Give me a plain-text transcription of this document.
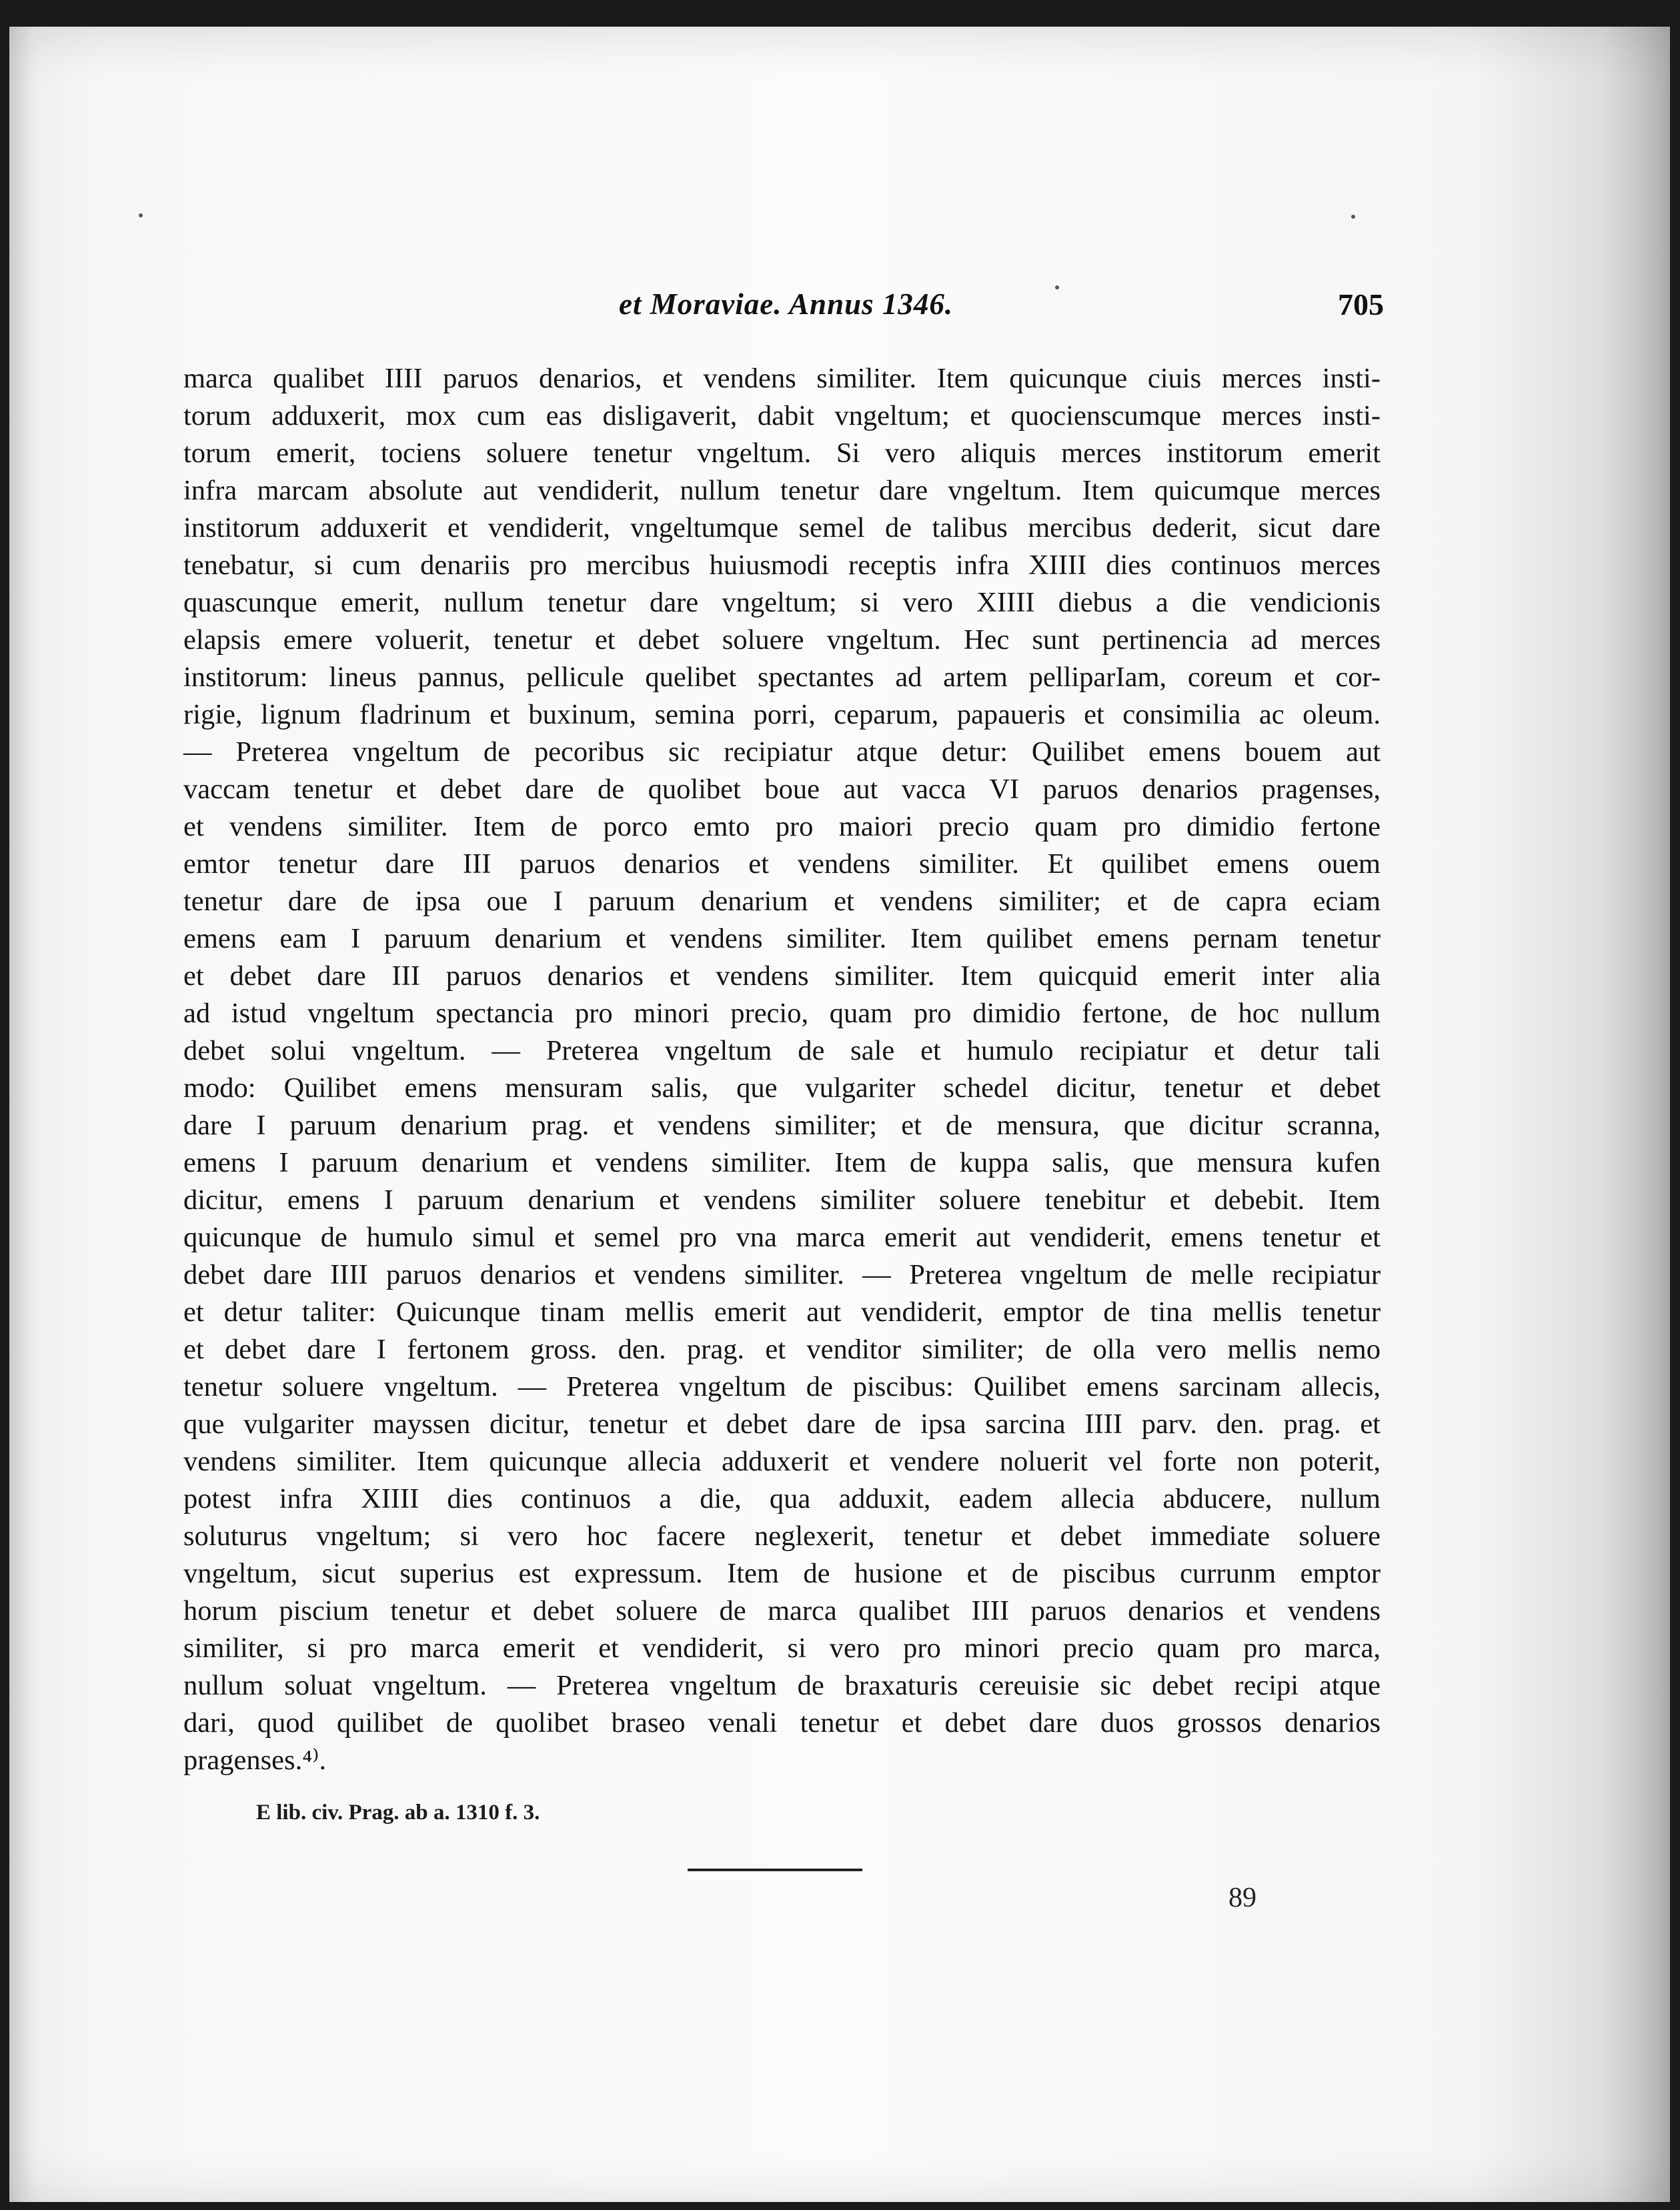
et Moraviae. Annus 1346.	705
marca qualibet IIII paruos denarios, et vendens similiter. Item quicunque ciuis merces insti-
torum adduxerit, mox cum eas disligaverit, dabit vngeltum; et quocienscumque merces insti-
torum emerit, tociens soluere tenetur vngeltum. Si vero aliquis merces institorum emerit
infra marcam absolute aut vendiderit, nullum tenetur dare vngeltum. Item quicumque merces
institorum adduxerit et vendiderit, vngeltumque semel de talibus mercibus dederit, sicut dare
tenebatur, si cum denariis pro mercibus huiusmodi receptis infra XIIII dies continuos merces
quascunque emerit, nullum tenetur dare vngeltum; si vero XIIII diebus a die vendicionis
elapsis emere voluerit, tenetur et debet soluere vngeltum. Hec sunt pertinencia ad merces
institorum: lineus pannus, pellicule quelibet spectantes ad artem pelliparIam, coreum et cor-
rigie, lignum fladrinum et buxinum, semina porri, ceparum, papaueris et consimilia ac oleum.
— Preterea vngeltum de pecoribus sic recipiatur atque detur: Quilibet emens bouem aut
vaccam tenetur et debet dare de quolibet boue aut vacca VI paruos denarios pragenses,
et vendens similiter. Item de porco emto pro maiori precio quam pro dimidio fertone
emtor tenetur dare III paruos denarios et vendens similiter. Et quilibet emens ouem
tenetur dare de ipsa oue I paruum denarium et vendens similiter; et de capra eciam
emens eam I paruum denarium et vendens similiter. Item quilibet emens pernam tenetur
et debet dare III paruos denarios et vendens similiter. Item quicquid emerit inter alia
ad istud vngeltum spectancia pro minori precio, quam pro dimidio fertone, de hoc nullum
debet solui vngeltum. — Preterea vngeltum de sale et humulo recipiatur et detur tali
modo: Quilibet emens mensuram salis, que vulgariter schedel dicitur, tenetur et debet
dare I paruum denarium prag. et vendens similiter; et de mensura, que dicitur scranna,
emens I paruum denarium et vendens similiter. Item de kuppa salis, que mensura kufen
dicitur, emens I paruum denarium et vendens similiter soluere tenebitur et debebit. Item
quicunque de humulo simul et semel pro vna marca emerit aut vendiderit, emens tenetur et
debet dare IIII paruos denarios et vendens similiter. — Preterea vngeltum de melle recipiatur
et detur taliter: Quicunque tinam mellis emerit aut vendiderit, emptor de tina mellis tenetur
et debet dare I fertonem gross. den. prag. et venditor similiter; de olla vero mellis nemo
tenetur soluere vngeltum. — Preterea vngeltum de piscibus: Quilibet emens sarcinam allecis,
que vulgariter mayssen dicitur, tenetur et debet dare de ipsa sarcina IIII parv. den. prag. et
vendens similiter. Item quicunque allecia adduxerit et vendere noluerit vel forte non poterit,
potest infra XIIII dies continuos a die, qua adduxit, eadem allecia abducere, nullum
soluturus vngeltum; si vero hoc facere neglexerit, tenetur et debet immediate soluere
vngeltum, sicut superius est expressum. Item de husione et de piscibus currunm emptor
horum piscium tenetur et debet soluere de marca qualibet IIII paruos denarios et vendens
similiter, si pro marca emerit et vendiderit, si vero pro minori precio quam pro marca,
nullum soluat vngeltum. — Preterea vngeltum de braxaturis cereuisie sic debet recipi atque
dari, quod quilibet de quolibet braseo venali tenetur et debet dare duos grossos denarios
pragenses.⁴⁾.
E lib. civ. Prag. ab a. 1310 f. 3.
89
